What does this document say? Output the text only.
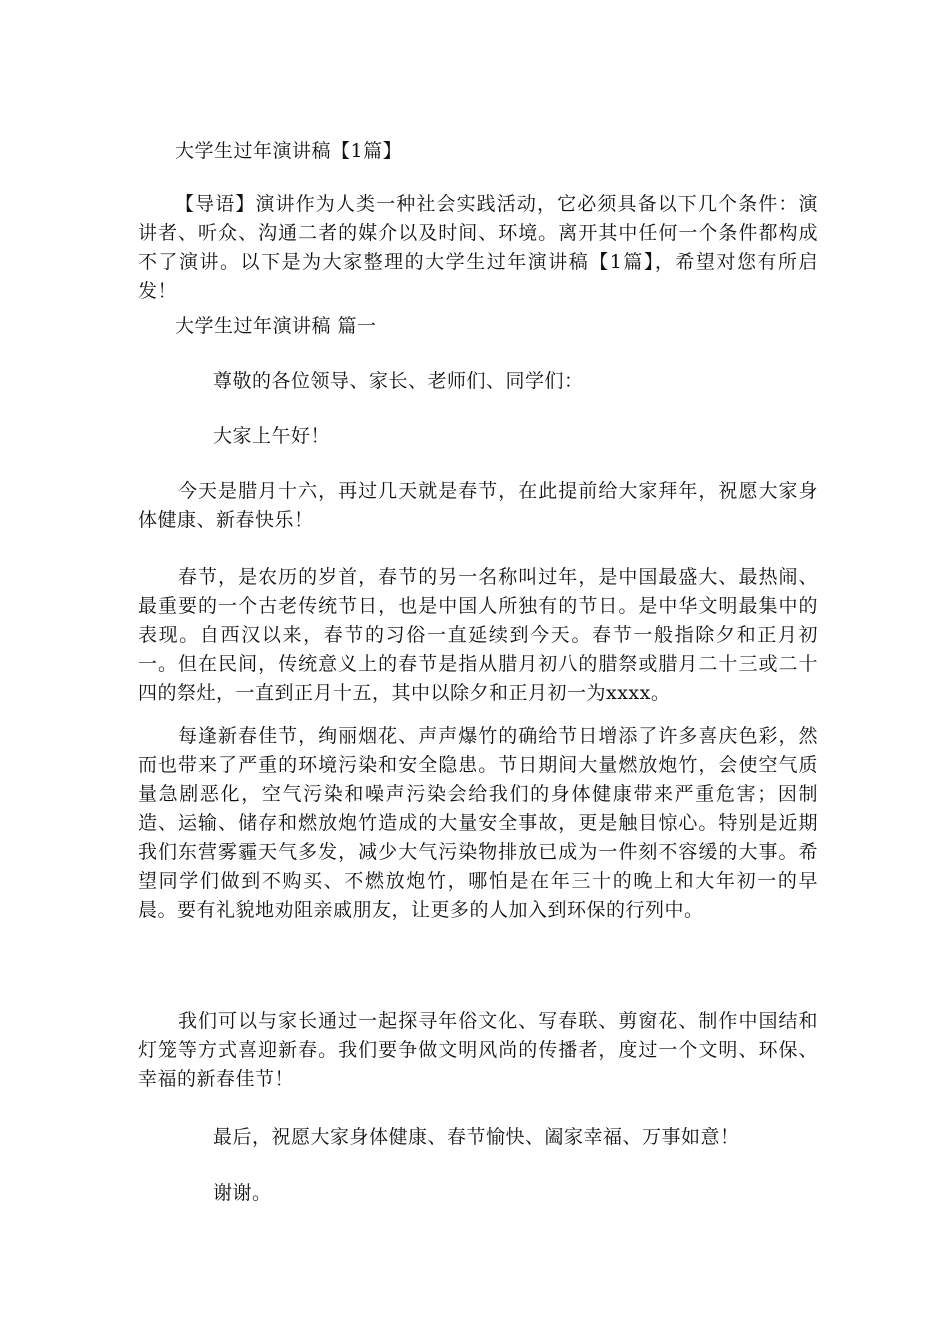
大学生过年演讲稿【1篇】
【导语】演讲作为人类一种社会实践活动，它必须具备以下几个条件：演讲者、听众、沟通二者的媒介以及时间、环境。离开其中任何一个条件都构成不了演讲。以下是为大家整理的大学生过年演讲稿【1篇】，希望对您有所启发！
大学生过年演讲稿 篇一
尊敬的各位领导、家长、老师们、同学们：
大家上午好！
　　今天是腊月十六，再过几天就是春节，在此提前给大家拜年，祝愿大家身体健康、新春快乐！
　　春节，是农历的岁首，春节的另一名称叫过年，是中国最盛大、最热闹、最重要的一个古老传统节日，也是中国人所独有的节日。是中华文明最集中的表现。自西汉以来，春节的习俗一直延续到今天。春节一般指除夕和正月初一。但在民间，传统意义上的春节是指从腊月初八的腊祭或腊月二十三或二十四的祭灶，一直到正月十五，其中以除夕和正月初一为xxxx。
　　每逢新春佳节，绚丽烟花、声声爆竹的确给节日增添了许多喜庆色彩，然而也带来了严重的环境污染和安全隐患。节日期间大量燃放炮竹，会使空气质量急剧恶化，空气污染和噪声污染会给我们的身体健康带来严重危害；因制造、运输、储存和燃放炮竹造成的大量安全事故，更是触目惊心。特别是近期我们东营雾霾天气多发，减少大气污染物排放已成为一件刻不容缓的大事。希望同学们做到不购买、不燃放炮竹，哪怕是在年三十的晚上和大年初一的早晨。要有礼貌地劝阻亲戚朋友，让更多的人加入到环保的行列中。
　　我们可以与家长通过一起探寻年俗文化、写春联、剪窗花、制作中国结和灯笼等方式喜迎新春。我们要争做文明风尚的传播者，度过一个文明、环保、幸福的新春佳节！
最后，祝愿大家身体健康、春节愉快、阖家幸福、万事如意！
谢谢。
